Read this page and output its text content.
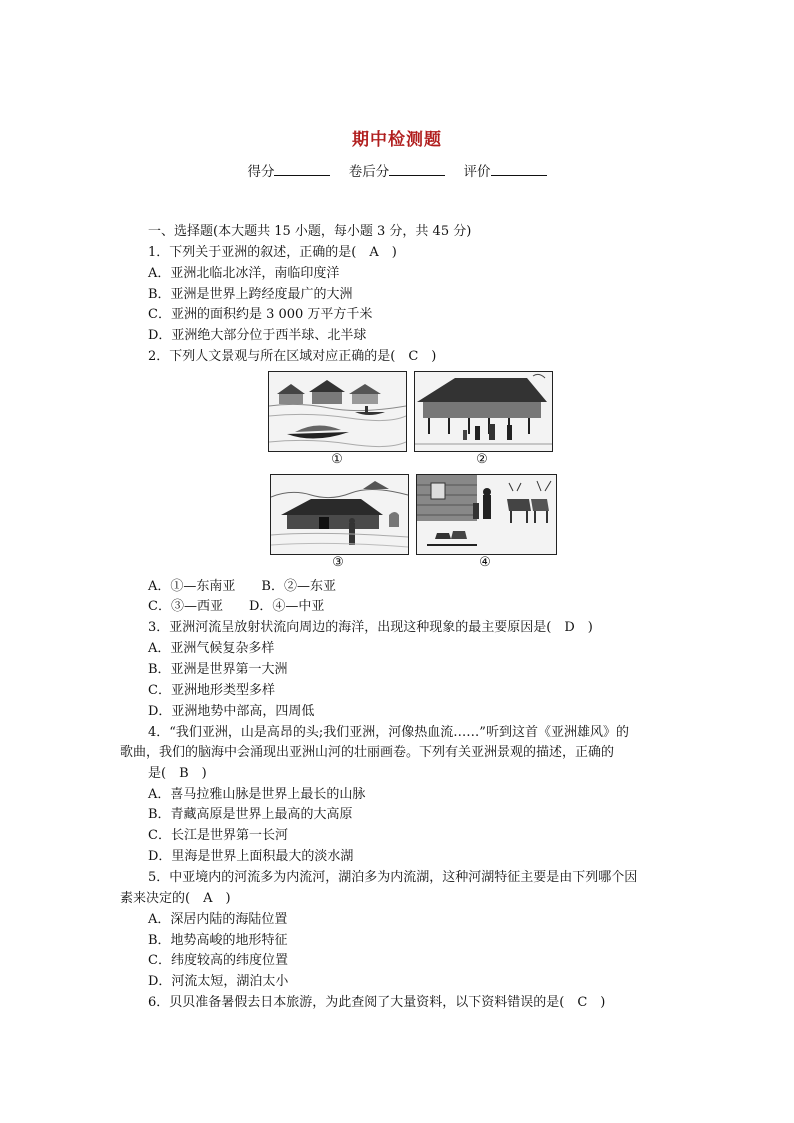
期中检测题
得分	卷后分	评价
一、选择题(本大题共 15 小题，每小题 3 分，共 45 分)
1．下列关于亚洲的叙述，正确的是(　A　)
A．亚洲北临北冰洋，南临印度洋
B．亚洲是世界上跨经度最广的大洲
C．亚洲的面积约是 3 000 万平方千米
D．亚洲绝大部分位于西半球、北半球
2．下列人文景观与所在区域对应正确的是(　C　)
①	②
③	④
A．①—东南亚　　B．②—东亚
C．③—西亚　　D．④—中亚
3．亚洲河流呈放射状流向周边的海洋，出现这种现象的最主要原因是(　D　)
A．亚洲气候复杂多样
B．亚洲是世界第一大洲
C．亚洲地形类型多样
D．亚洲地势中部高，四周低
4．“我们亚洲，山是高昂的头;我们亚洲，河像热血流……”听到这首《亚洲雄风》的
歌曲，我们的脑海中会涌现出亚洲山河的壮丽画卷。下列有关亚洲景观的描述，正确的
是(　B　)
A．喜马拉雅山脉是世界上最长的山脉
B．青藏高原是世界上最高的大高原
C．长江是世界第一长河
D．里海是世界上面积最大的淡水湖
5．中亚境内的河流多为内流河，湖泊多为内流湖，这种河湖特征主要是由下列哪个因
素来决定的(　A　)
A．深居内陆的海陆位置
B．地势高峻的地形特征
C．纬度较高的纬度位置
D．河流太短，湖泊太小
6．贝贝准备暑假去日本旅游，为此查阅了大量资料，以下资料错误的是(　C　)
